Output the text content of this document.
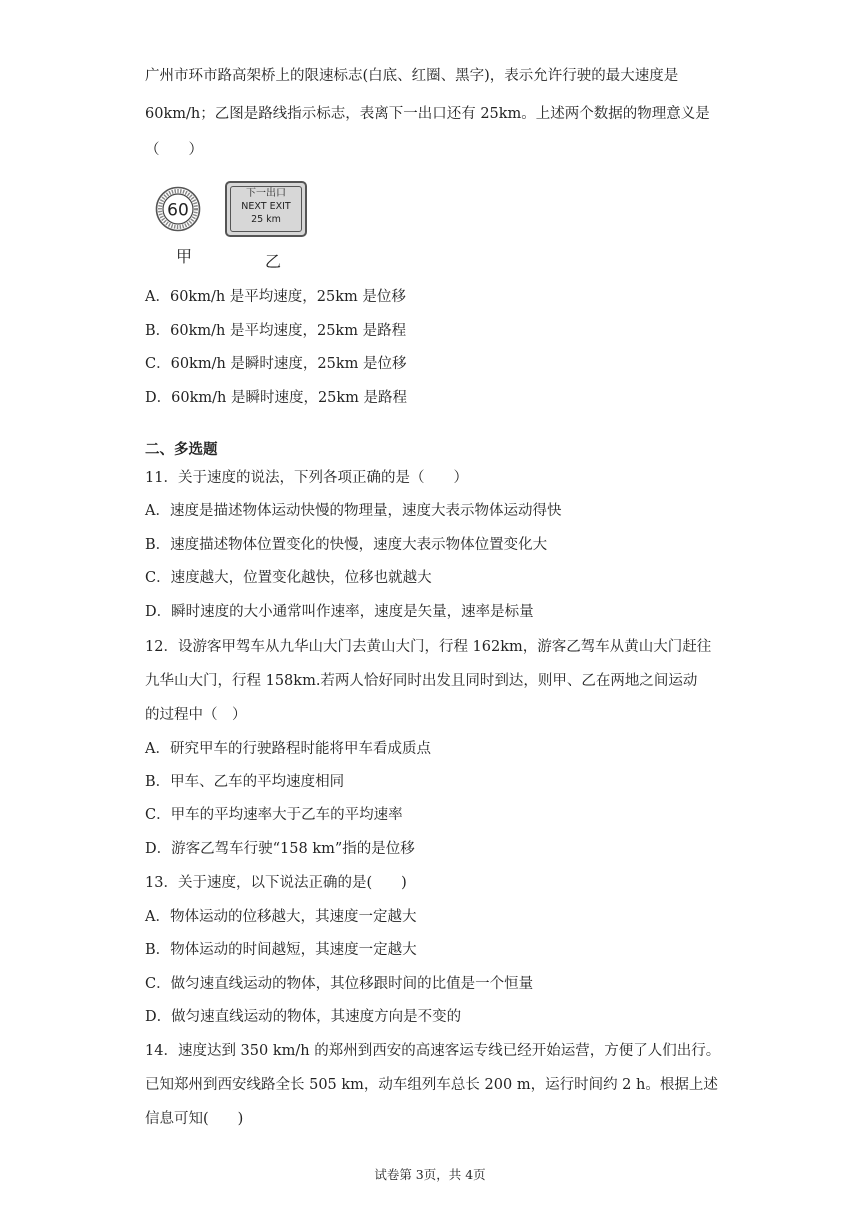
广州市环市路高架桥上的限速标志(白底、红圈、黑字)，表示允许行驶的最大速度是
60km/h；乙图是路线指示标志，表离下一出口还有 25km。上述两个数据的物理意义是
（　　）
60
下一出口
NEXT EXIT
25 km
甲	乙
A．60km/h 是平均速度，25km 是位移
B．60km/h 是平均速度，25km 是路程
C．60km/h 是瞬时速度，25km 是位移
D．60km/h 是瞬时速度，25km 是路程
二、多选题
11．关于速度的说法，下列各项正确的是（　　）
A．速度是描述物体运动快慢的物理量，速度大表示物体运动得快
B．速度描述物体位置变化的快慢，速度大表示物体位置变化大
C．速度越大，位置变化越快，位移也就越大
D．瞬时速度的大小通常叫作速率，速度是矢量，速率是标量
12．设游客甲驾车从九华山大门去黄山大门，行程 162km，游客乙驾车从黄山大门赶往
九华山大门，行程 158km.若两人恰好同时出发且同时到达，则甲、乙在两地之间运动
的过程中（　）
A．研究甲车的行驶路程时能将甲车看成质点
B．甲车、乙车的平均速度相同
C．甲车的平均速率大于乙车的平均速率
D．游客乙驾车行驶“158 km”指的是位移
13．关于速度，以下说法正确的是(　　)
A．物体运动的位移越大，其速度一定越大
B．物体运动的时间越短，其速度一定越大
C．做匀速直线运动的物体，其位移跟时间的比值是一个恒量
D．做匀速直线运动的物体，其速度方向是不变的
14．速度达到 350 km/h 的郑州到西安的高速客运专线已经开始运营，方便了人们出行。
已知郑州到西安线路全长 505 km，动车组列车总长 200 m，运行时间约 2 h。根据上述
信息可知(　　)
试卷第 3页，共 4页
